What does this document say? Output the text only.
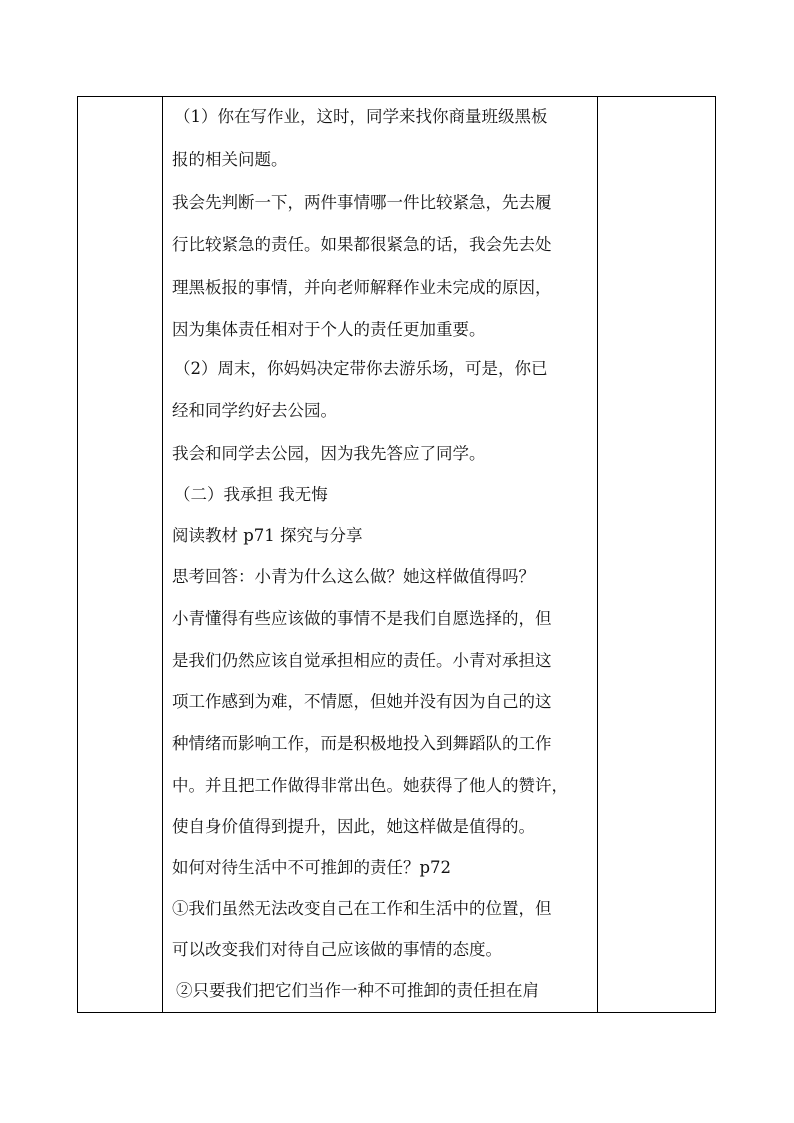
（1）你在写作业，这时，同学来找你商量班级黑板
报的相关问题。
我会先判断一下，两件事情哪一件比较紧急，先去履
行比较紧急的责任。如果都很紧急的话，我会先去处
理黑板报的事情，并向老师解释作业未完成的原因，
因为集体责任相对于个人的责任更加重要。
（2）周末，你妈妈决定带你去游乐场，可是，你已
经和同学约好去公园。
我会和同学去公园，因为我先答应了同学。
（二）我承担 我无悔
阅读教材 p71 探究与分享
思考回答：小青为什么这么做？她这样做值得吗？
小青懂得有些应该做的事情不是我们自愿选择的，但
是我们仍然应该自觉承担相应的责任。小青对承担这
项工作感到为难，不情愿，但她并没有因为自己的这
种情绪而影响工作，而是积极地投入到舞蹈队的工作
中。并且把工作做得非常出色。她获得了他人的赞许，
使自身价值得到提升，因此，她这样做是值得的。
如何对待生活中不可推卸的责任？p72
①我们虽然无法改变自己在工作和生活中的位置，但
可以改变我们对待自己应该做的事情的态度。
②只要我们把它们当作一种不可推卸的责任担在肩
